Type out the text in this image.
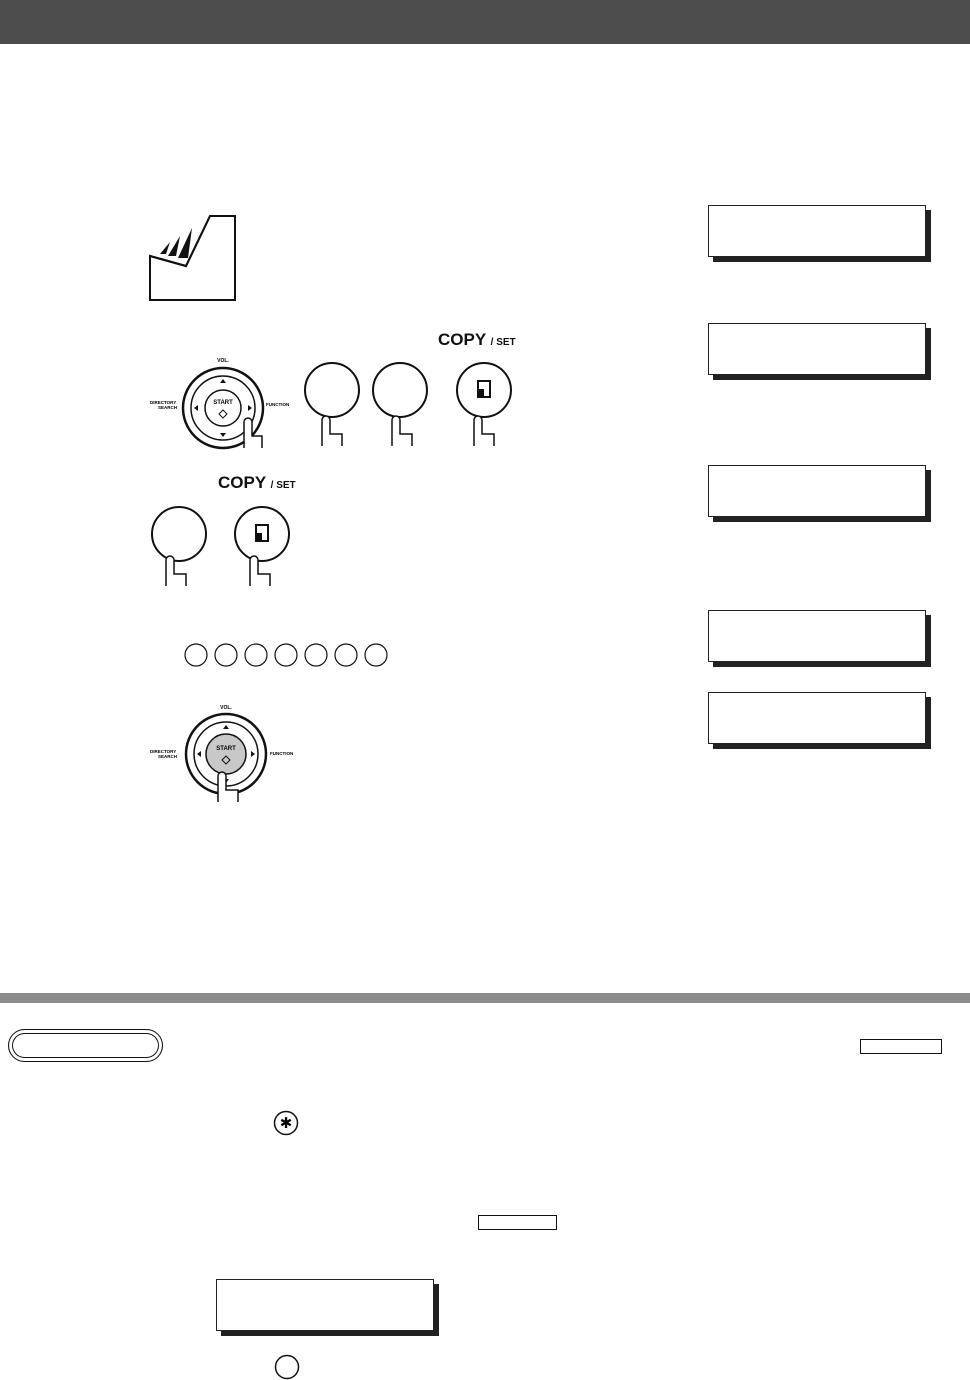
START
VOL.
DIRECTORY
SEARCH
FUNCTION
COPY / SET
COPY / SET
START
VOL.
DIRECTORY
SEARCH
FUNCTION
✱
